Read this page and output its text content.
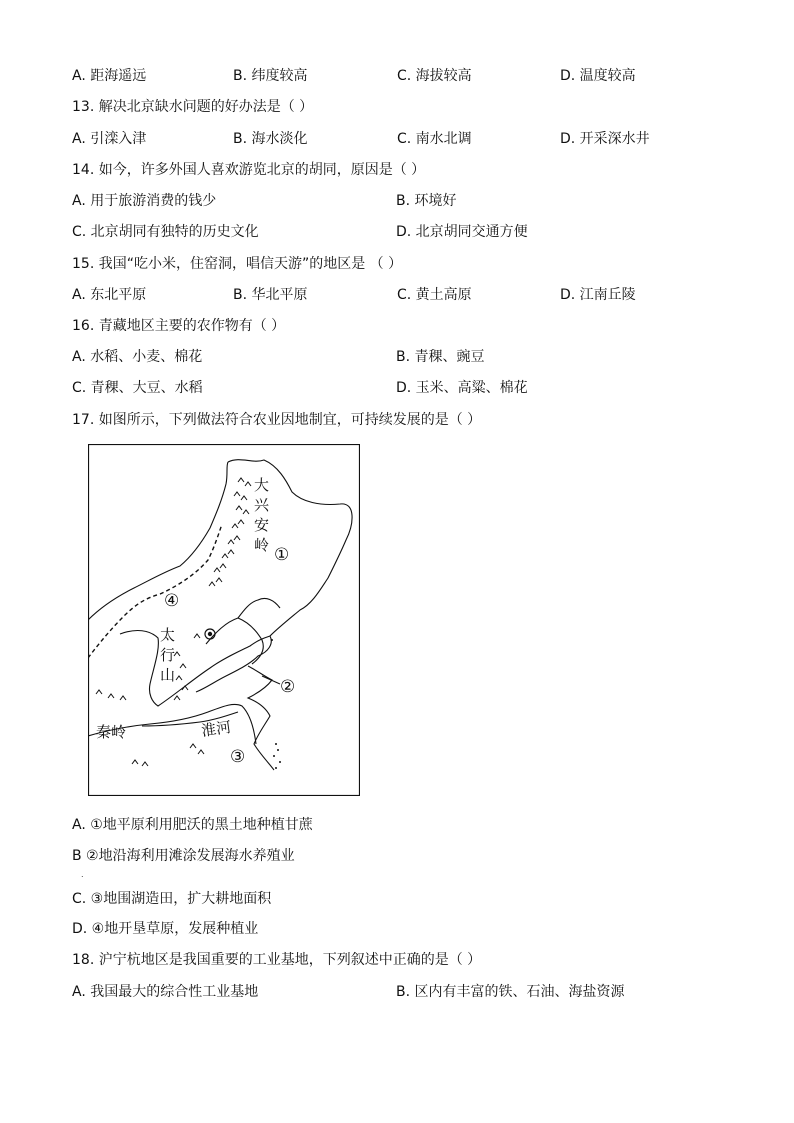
A. 距海遥远	B. 纬度较高	C. 海拔较高	D. 温度较高
13. 解决北京缺水问题的好办法是（ ）
A. 引滦入津	B. 海水淡化	C. 南水北调	D. 开采深水井
14. 如今，许多外国人喜欢游览北京的胡同，原因是（ ）
A. 用于旅游消费的钱少	B. 环境好
C. 北京胡同有独特的历史文化	D. 北京胡同交通方便
15. 我国“吃小米，住窑洞，唱信天游”的地区是 （ ）
A. 东北平原	B. 华北平原	C. 黄土高原	D. 江南丘陵
16. 青藏地区主要的农作物有（ ）
A. 水稻、小麦、棉花	B. 青稞、豌豆
C. 青稞、大豆、水稻	D. 玉米、高粱、棉花
17. 如图所示，下列做法符合农业因地制宜，可持续发展的是（ ）
大
兴
安
岭
太
行
山
秦岭	淮河
①
②
③
④
A. ①地平原利用肥沃的黑土地种植甘蔗
B ②地沿海利用滩涂发展海水养殖业
.
C. ③地围湖造田，扩大耕地面积
D. ④地开垦草原，发展种植业
18. 沪宁杭地区是我国重要的工业基地，下列叙述中正确的是（ ）
A. 我国最大的综合性工业基地	B. 区内有丰富的铁、石油、海盐资源
